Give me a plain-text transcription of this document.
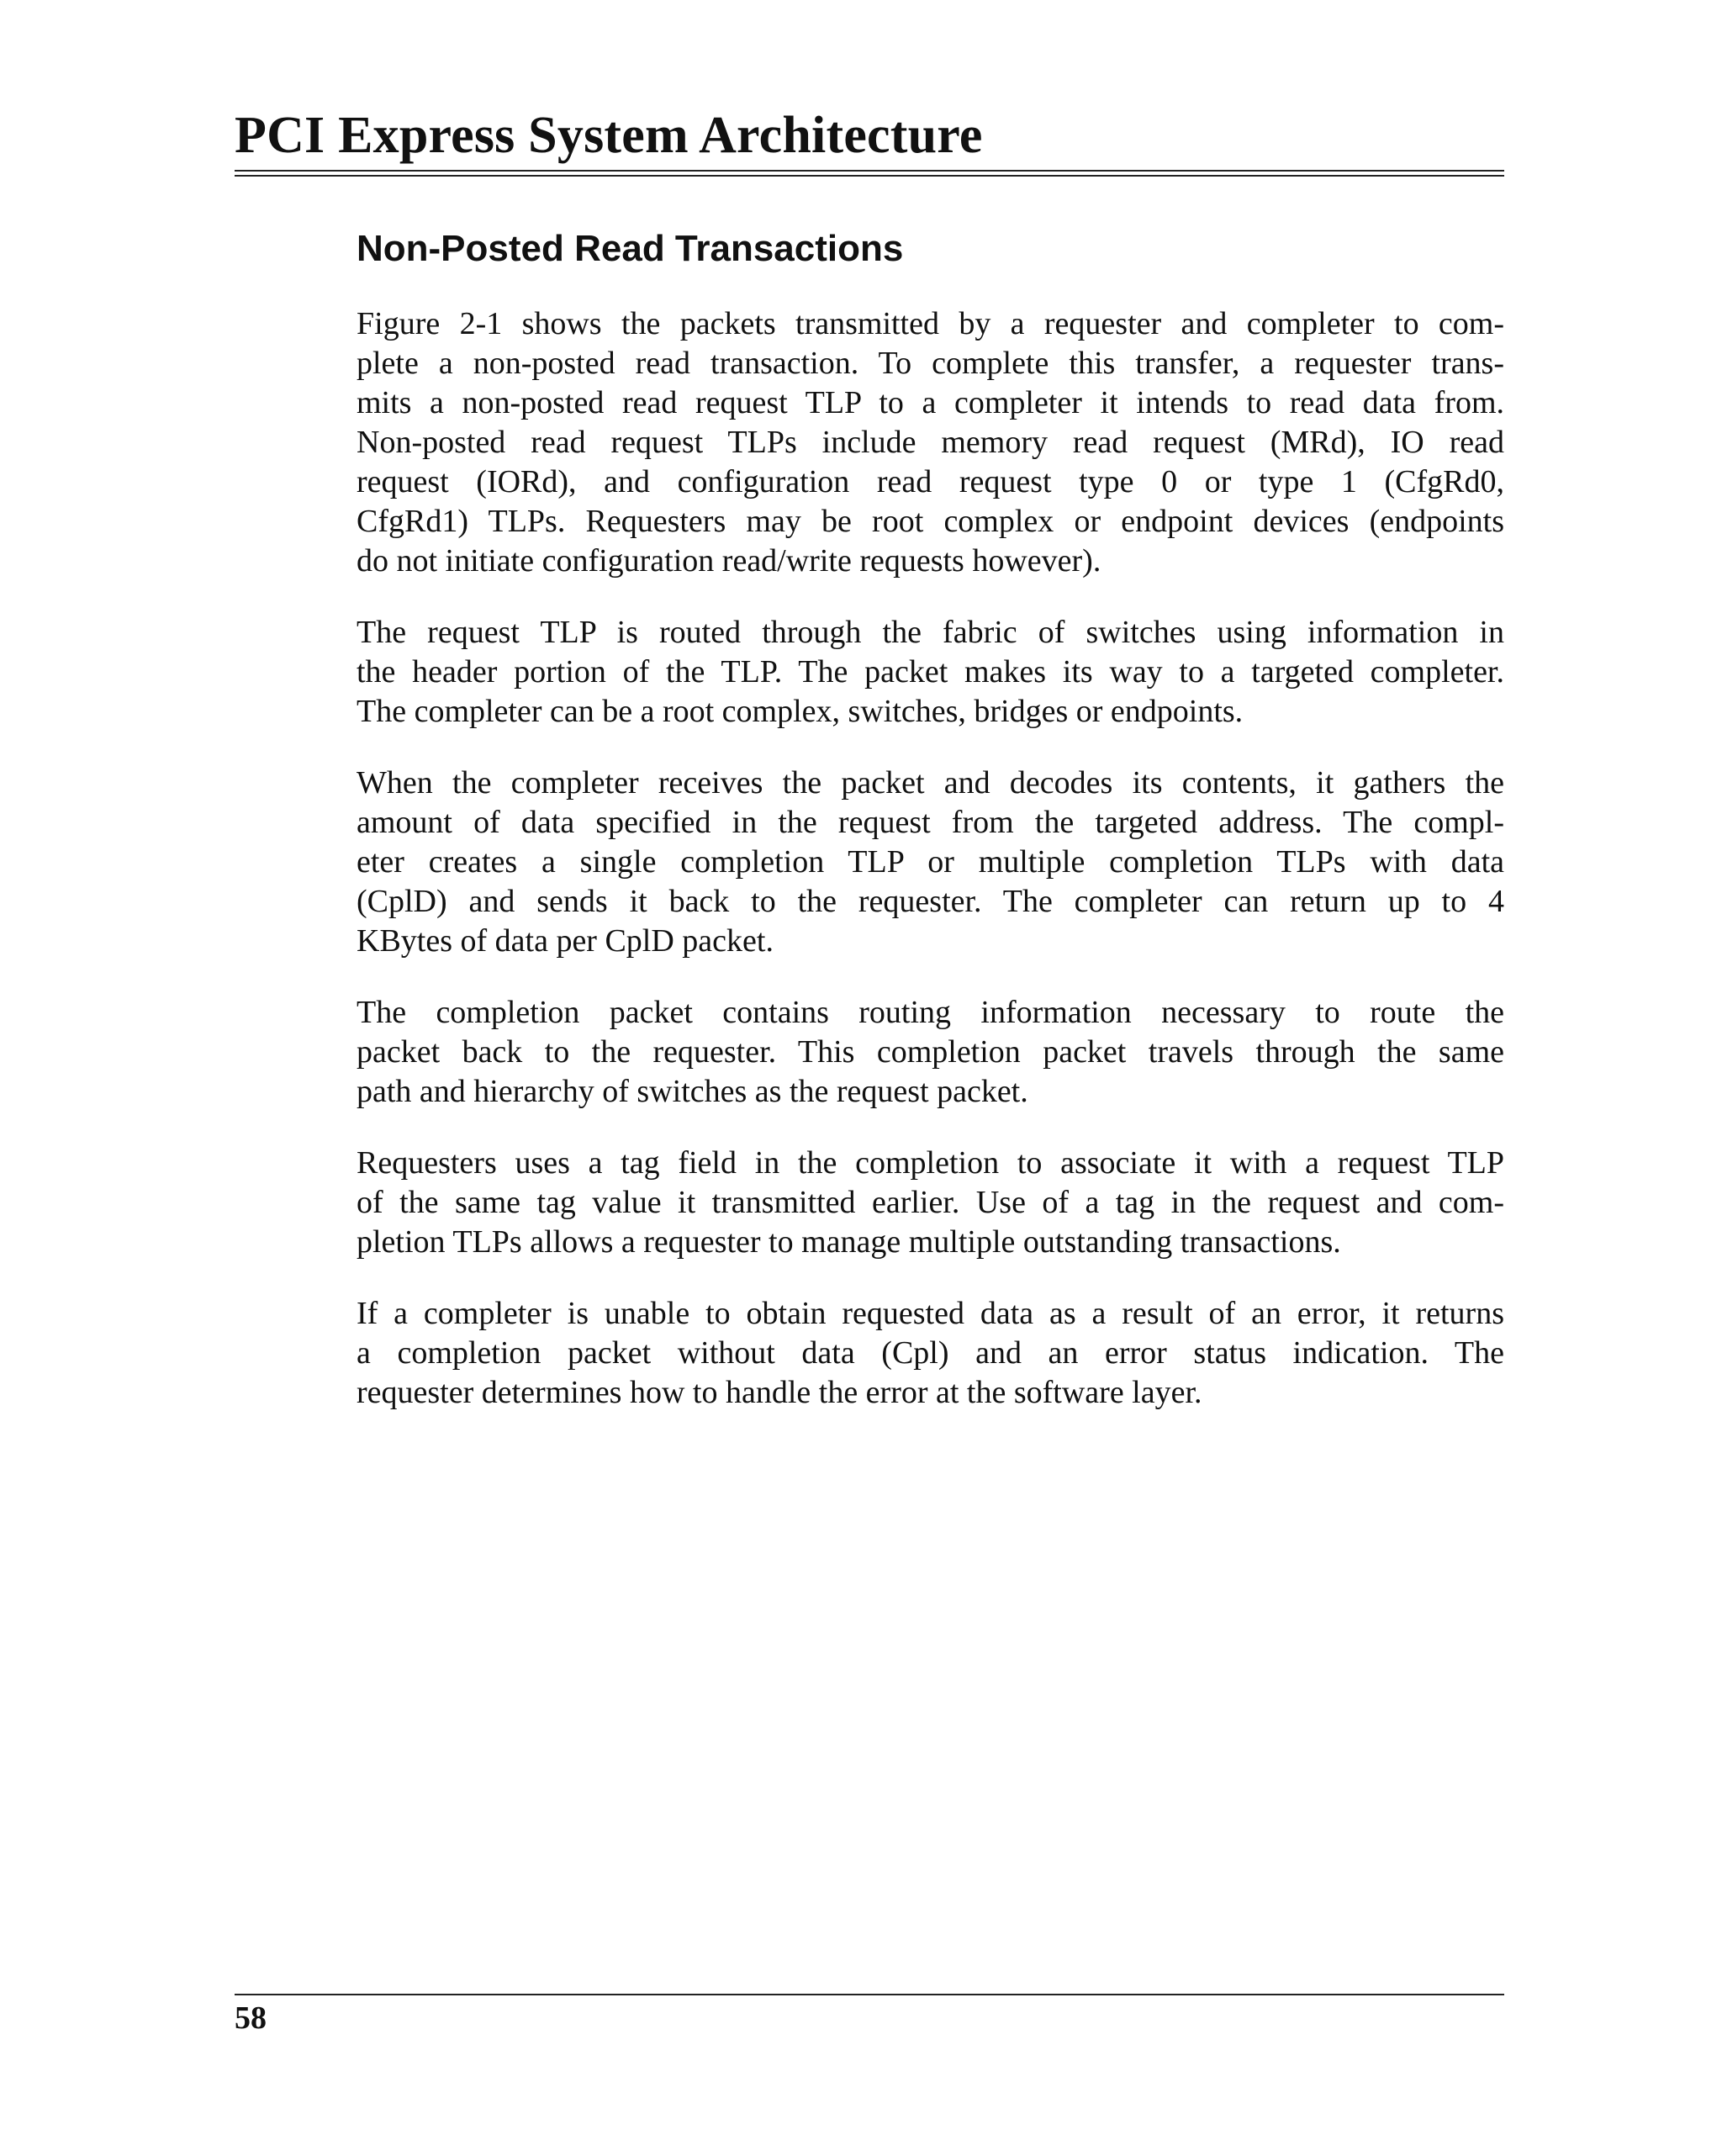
PCI Express System Architecture
Non-Posted Read Transactions

Figure 2-1 shows the packets transmitted by a requester and completer to com-
plete a non-posted read transaction. To complete this transfer, a requester trans-
mits a non-posted read request TLP to a completer it intends to read data from.
Non-posted read request TLPs include memory read request (MRd), IO read
request (IORd), and configuration read request type 0 or type 1 (CfgRd0,
CfgRd1) TLPs. Requesters may be root complex or endpoint devices (endpoints
do not initiate configuration read/write requests however).

The request TLP is routed through the fabric of switches using information in
the header portion of the TLP. The packet makes its way to a targeted completer.
The completer can be a root complex, switches, bridges or endpoints.

When the completer receives the packet and decodes its contents, it gathers the
amount of data specified in the request from the targeted address. The compl-
eter creates a single completion TLP or multiple completion TLPs with data
(CplD) and sends it back to the requester. The completer can return up to 4
KBytes of data per CplD packet.

The completion packet contains routing information necessary to route the
packet back to the requester. This completion packet travels through the same
path and hierarchy of switches as the request packet.

Requesters uses a tag field in the completion to associate it with a request TLP
of the same tag value it transmitted earlier. Use of a tag in the request and com-
pletion TLPs allows a requester to manage multiple outstanding transactions.

If a completer is unable to obtain requested data as a result of an error, it returns
a completion packet without data (Cpl) and an error status indication. The
requester determines how to handle the error at the software layer.

58
